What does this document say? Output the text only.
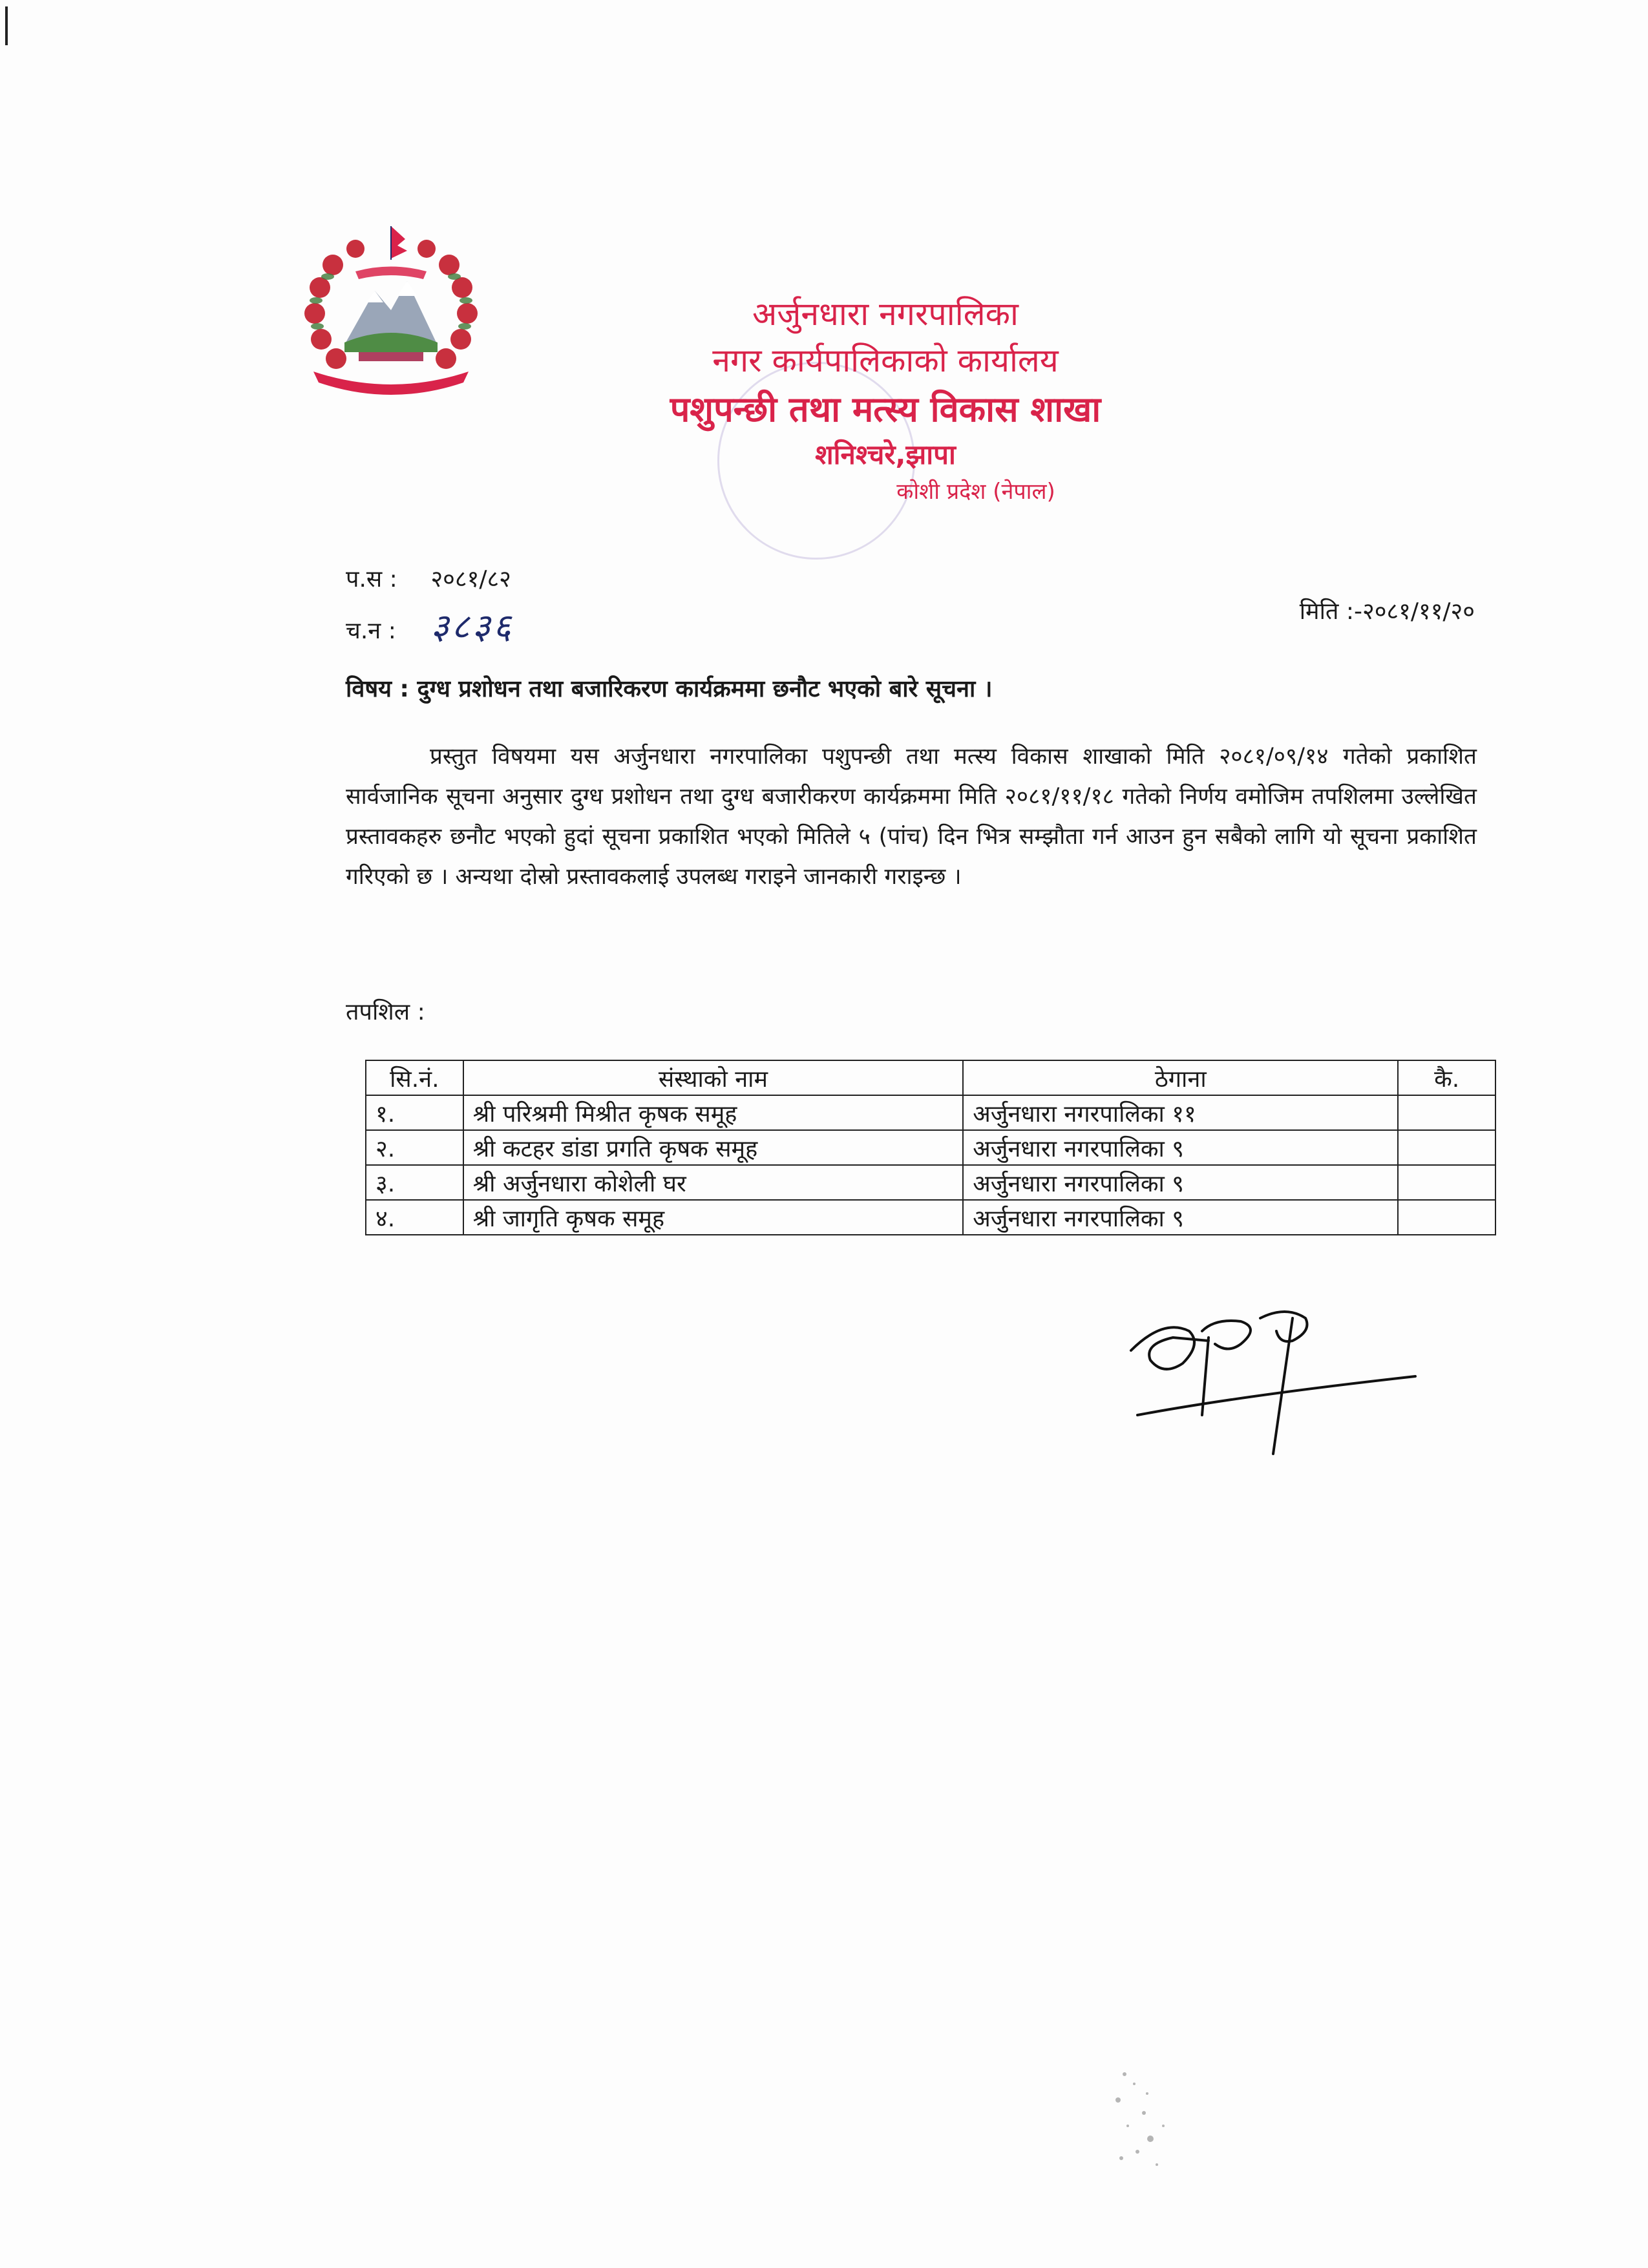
अर्जुनधारा नगरपालिका
नगर कार्यपालिकाको कार्यालय
पशुपन्छी तथा मत्स्य विकास शाखा
शनिश्चरे,झापा
कोशी प्रदेश (नेपाल)
प.स : २०८१/८२
च.न : ३८३६	मिति :-२०८१/११/२०
विषय : दुग्ध प्रशोधन तथा बजारिकरण कार्यक्रममा छनौट भएको बारे सूचना ।
प्रस्तुत विषयमा यस अर्जुनधारा नगरपालिका पशुपन्छी तथा मत्स्य विकास शाखाको मिति २०८१/०९/१४ गतेको प्रकाशित सार्वजानिक सूचना अनुसार दुग्ध प्रशोधन तथा दुग्ध बजारीकरण कार्यक्रममा मिति २०८१/११/१८ गतेको निर्णय वमोजिम तपशिलमा उल्लेखित प्रस्तावकहरु छनौट भएको हुदां सूचना प्रकाशित भएको मितिले ५ (पांच) दिन भित्र सम्झौता गर्न आउन हुन सबैको लागि यो सूचना प्रकाशित गरिएको छ । अन्यथा दोस्रो प्रस्तावकलाई उपलब्ध गराइने जानकारी गराइन्छ ।
तपशिल :
सि.नं.	संस्थाको नाम	ठेगाना	कै.
१.	श्री परिश्रमी मिश्रीत कृषक समूह	अर्जुनधारा नगरपालिका ११	
२.	श्री कटहर डांडा प्रगति कृषक समूह	अर्जुनधारा नगरपालिका ९	
३.	श्री अर्जुनधारा कोशेली घर	अर्जुनधारा नगरपालिका ९	
४.	श्री जागृति कृषक समूह	अर्जुनधारा नगरपालिका ९	
